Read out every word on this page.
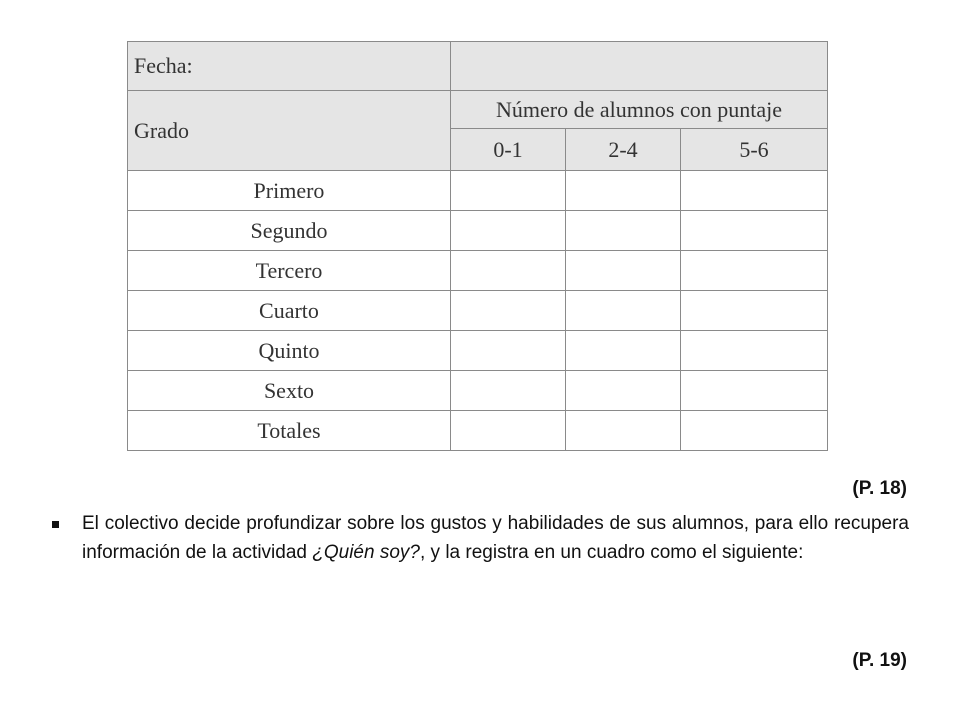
Fecha:			
Grado	Número de alumnos con puntaje		
	0-1	2-4	5-6
Primero			
Segundo			
Tercero			
Cuarto			
Quinto			
Sexto			
Totales			
(P. 18)
El colectivo decide profundizar sobre los gustos y habilidades de sus alumnos, para ello recupera información de la actividad ¿Quién soy?, y la registra en un cuadro como el siguiente:
(P. 19)
